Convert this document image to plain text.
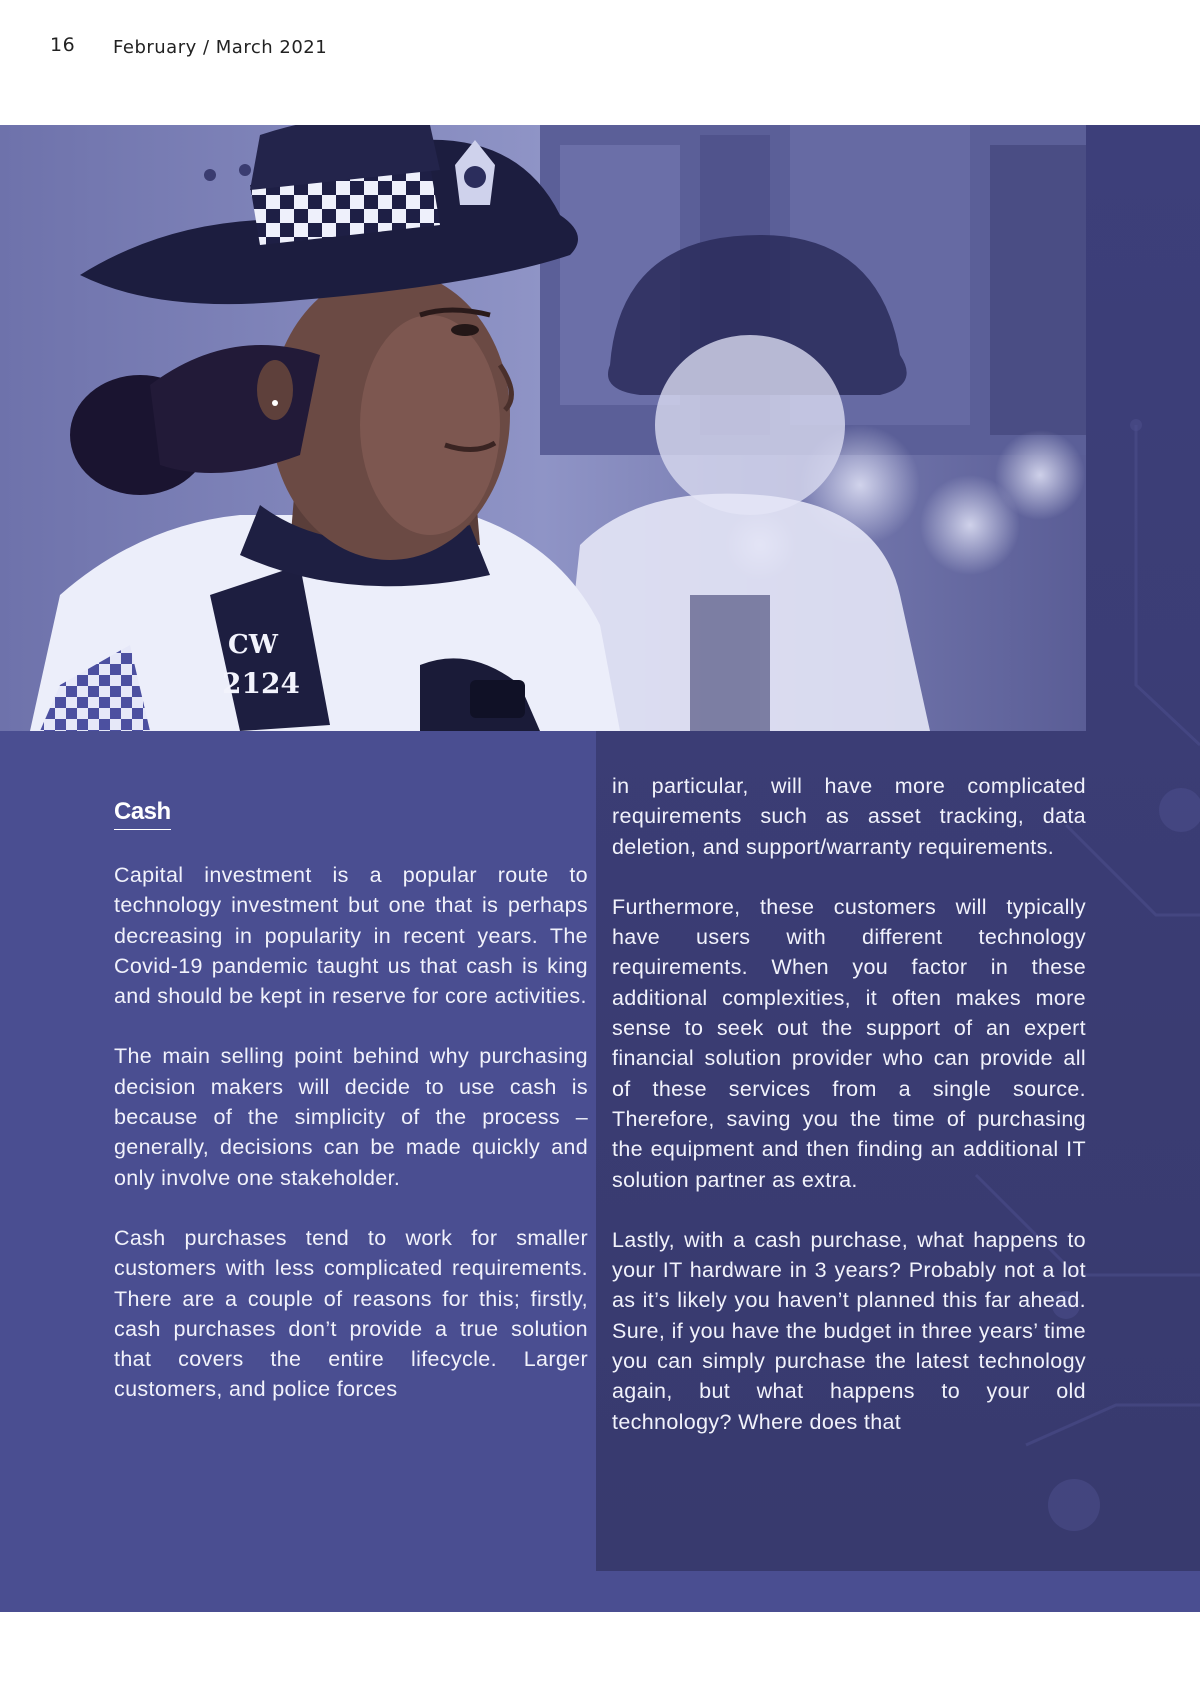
16 February / March 2021
CW
2124
Cash

Capital investment is a popular route to technology investment but one that is perhaps decreasing in popularity in recent years. The Covid-19 pandemic taught us that cash is king and should be kept in reserve for core activities.

The main selling point behind why purchasing decision makers will decide to use cash is because of the simplicity of the process – generally, decisions can be made quickly and only involve one stakeholder.

Cash purchases tend to work for smaller customers with less complicated requirements. There are a couple of reasons for this; firstly, cash purchases don’t provide a true solution that covers the entire lifecycle. Larger customers, and police forces

in particular, will have more complicated requirements such as asset tracking, data deletion, and support/warranty requirements.

Furthermore, these customers will typically have users with different technology requirements. When you factor in these additional complexities, it often makes more sense to seek out the support of an expert financial solution provider who can provide all of these services from a single source. Therefore, saving you the time of purchasing the equipment and then finding an additional IT solution partner as extra.

Lastly, with a cash purchase, what happens to your IT hardware in 3 years? Probably not a lot as it’s likely you haven’t planned this far ahead. Sure, if you have the budget in three years’ time you can simply purchase the latest technology again, but what happens to your old technology? Where does that
